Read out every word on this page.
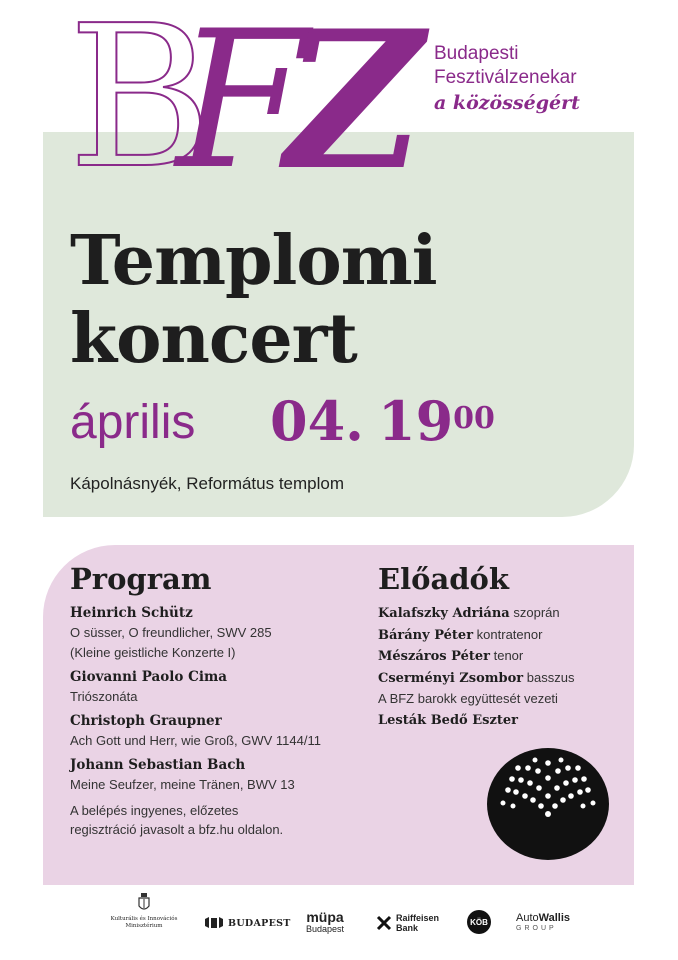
B
F
Z Budapesti
Fesztiválzenekar
a közösségért
Templomi
koncert
április 04. $19^{00}$
Kápolnásnyék, Református templom
Program
Heinrich Schütz
O süsser, O freundlicher, SWV 285
(Kleine geistliche Konzerte I)
Giovanni Paolo Cima
Triószonáta
Christoph Graupner
Ach Gott und Herr, wie Groß, GWV 1144/11
Johann Sebastian Bach
Meine Seufzer, meine Tränen, BWV 13
A belépés ingyenes, előzetes
regisztráció javasolt a bfz.hu oldalon.
Előadók
Kalafszky Adriána szoprán
Bárány Péter kontratenor
Mészáros Péter tenor
Cserményi Zsombor basszus
A BFZ barokk együttesét vezeti
Lesták Bedő Eszter
Kulturális és Innovációs
Minisztérium	BUDAPEST müpa
Budapest
Raiffeisen
Bank
KÖB	AutoWallis
GROUP
